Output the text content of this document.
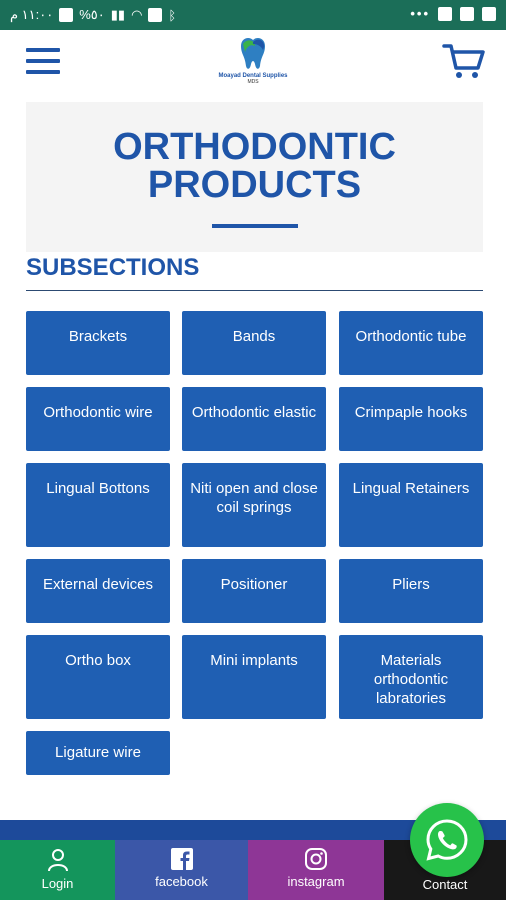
١١:٠٠ م %٥٠ ▮▮ ◠ ᛒ	•••
Moayad Dental Supplies
MDS
ORTHODONTIC
PRODUCTS
SUBSECTIONS
Brackets	Bands	Orthodontic tube
Orthodontic wire	Orthodontic elastic	Crimpaple hooks
Lingual Bottons	Niti open and close coil springs
Lingual Retainers
External devices	Positioner	Pliers
Ortho box	Mini implants	Materials orthodontic labratories
Ligature wire
Login	facebook	instagram	Contact
